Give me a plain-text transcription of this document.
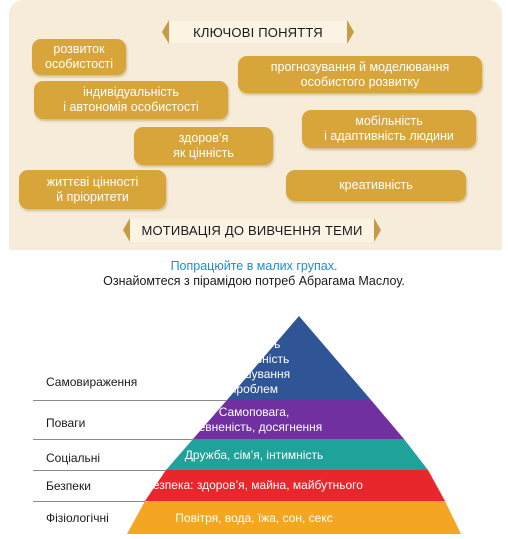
КЛЮЧОВІ ПОНЯТТЯ
розвиток
особистості	прогнозування й моделювання
особистого розвитку
індивідуальність
і автономія особистості
мобільність
і адаптивність людини
здоров’я
як цінність
життєві цінності
й пріоритети
креативність
МОТИВАЦІЯ ДО ВИВЧЕННЯ ТЕМИ
Попрацюйте в малих групах.
Ознайомтеся з пірамідою потреб Абрагама Маслоу.
Самовираження
Поваги
Соціальні
Безпеки
Фізіологічні
Творчість
Моральність
Вирішування
проблем
Самоповага,
впевненість, досягнення
Дружба, сім’я, інтимність
Безпека: здоров’я, майна, майбутнього
Повітря, вода, їжа, сон, секс
